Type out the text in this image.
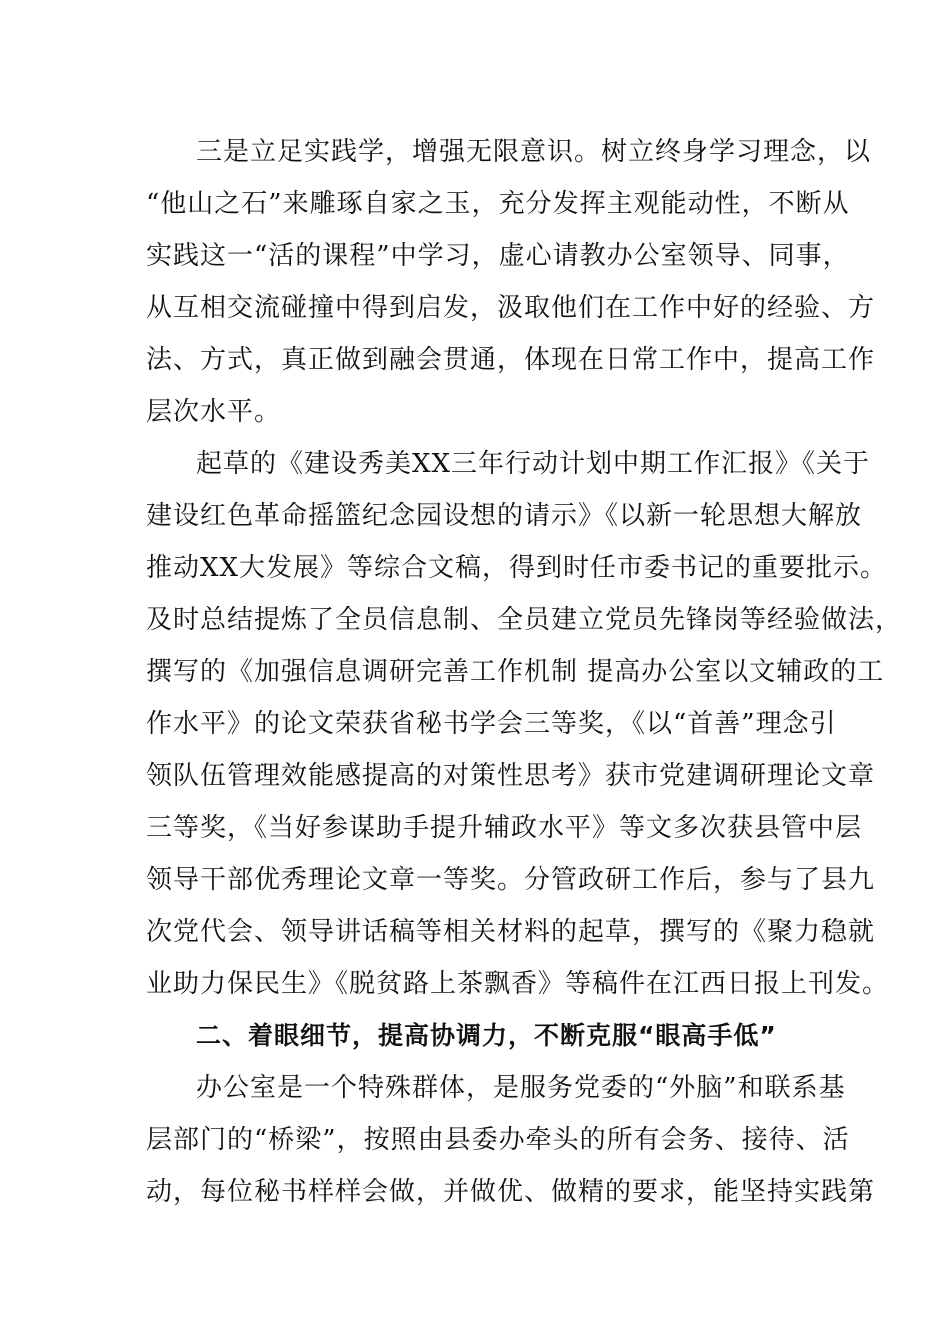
三是立足实践学，增强无限意识。树立终身学习理念，以
“他山之石”来雕琢自家之玉，充分发挥主观能动性，不断从
实践这一“活的课程”中学习，虚心请教办公室领导、同事，
从互相交流碰撞中得到启发，汲取他们在工作中好的经验、方
法、方式，真正做到融会贯通，体现在日常工作中，提高工作
层次水平。
起草的《建设秀美XX三年行动计划中期工作汇报》《关于
建设红色革命摇篮纪念园设想的请示》《以新一轮思想大解放
推动XX大发展》等综合文稿，得到时任市委书记的重要批示。
及时总结提炼了全员信息制、全员建立党员先锋岗等经验做法，
撰写的《加强信息调研完善工作机制 提高办公室以文辅政的工
作水平》的论文荣获省秘书学会三等奖，《以“首善”理念引
领队伍管理效能感提高的对策性思考》获市党建调研理论文章
三等奖，《当好参谋助手提升辅政水平》等文多次获县管中层
领导干部优秀理论文章一等奖。分管政研工作后，参与了县九
次党代会、领导讲话稿等相关材料的起草，撰写的《聚力稳就
业助力保民生》《脱贫路上茶飘香》等稿件在江西日报上刊发。
二、着眼细节，提高协调力，不断克服“眼高手低”
办公室是一个特殊群体，是服务党委的“外脑”和联系基
层部门的“桥梁”，按照由县委办牵头的所有会务、接待、活
动，每位秘书样样会做，并做优、做精的要求，能坚持实践第
